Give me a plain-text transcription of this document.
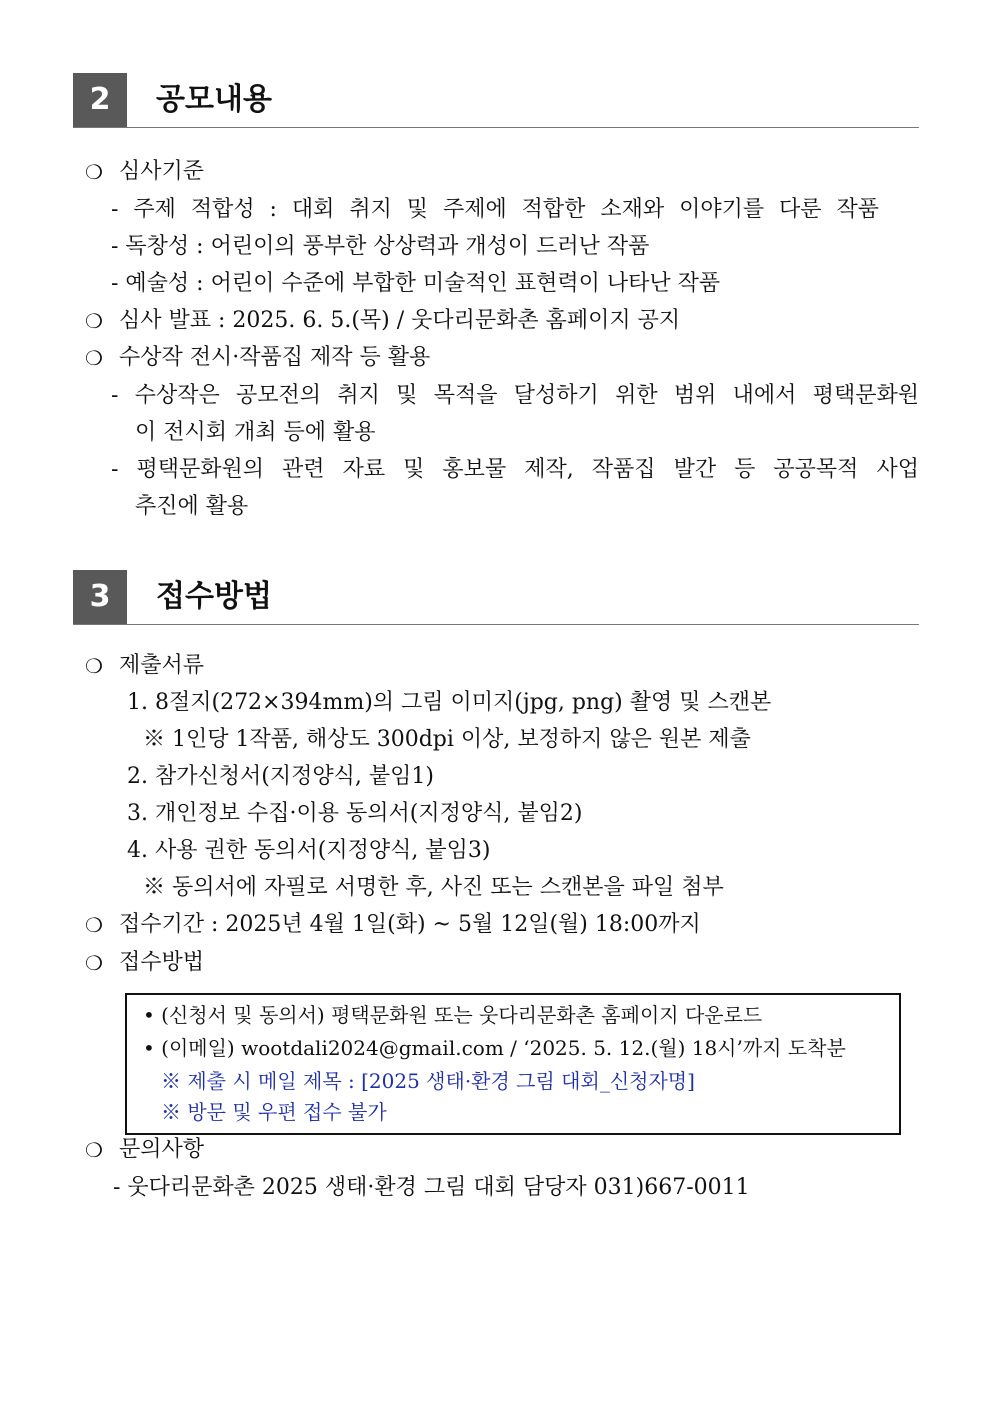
2	공모내용
❍ 심사기준
- 주제 적합성 : 대회 취지 및 주제에 적합한 소재와 이야기를 다룬 작품
- 독창성 : 어린이의 풍부한 상상력과 개성이 드러난 작품
- 예술성 : 어린이 수준에 부합한 미술적인 표현력이 나타난 작품
❍ 심사 발표 : 2025. 6. 5.(목) / 웃다리문화촌 홈페이지 공지
❍ 수상작 전시·작품집 제작 등 활용
- 수상작은 공모전의 취지 및 목적을 달성하기 위한 범위 내에서 평택문화원
이 전시회 개최 등에 활용
- 평택문화원의 관련 자료 및 홍보물 제작, 작품집 발간 등 공공목적 사업
추진에 활용
3	접수방법
❍ 제출서류
1. 8절지(272×394mm)의 그림 이미지(jpg, png) 촬영 및 스캔본
※ 1인당 1작품, 해상도 300dpi 이상, 보정하지 않은 원본 제출
2. 참가신청서(지정양식, 붙임1)
3. 개인정보 수집·이용 동의서(지정양식, 붙임2)
4. 사용 권한 동의서(지정양식, 붙임3)
※ 동의서에 자필로 서명한 후, 사진 또는 스캔본을 파일 첨부
❍ 접수기간 : 2025년 4월 1일(화) ~ 5월 12일(월) 18:00까지
❍ 접수방법
• (신청서 및 동의서) 평택문화원 또는 웃다리문화촌 홈페이지 다운로드
• (이메일) wootdali2024@gmail.com / ‘2025. 5. 12.(월) 18시’까지 도착분
※ 제출 시 메일 제목 : [2025 생태·환경 그림 대회_신청자명]
※ 방문 및 우편 접수 불가
❍ 문의사항
- 웃다리문화촌 2025 생태·환경 그림 대회 담당자 031)667-0011
